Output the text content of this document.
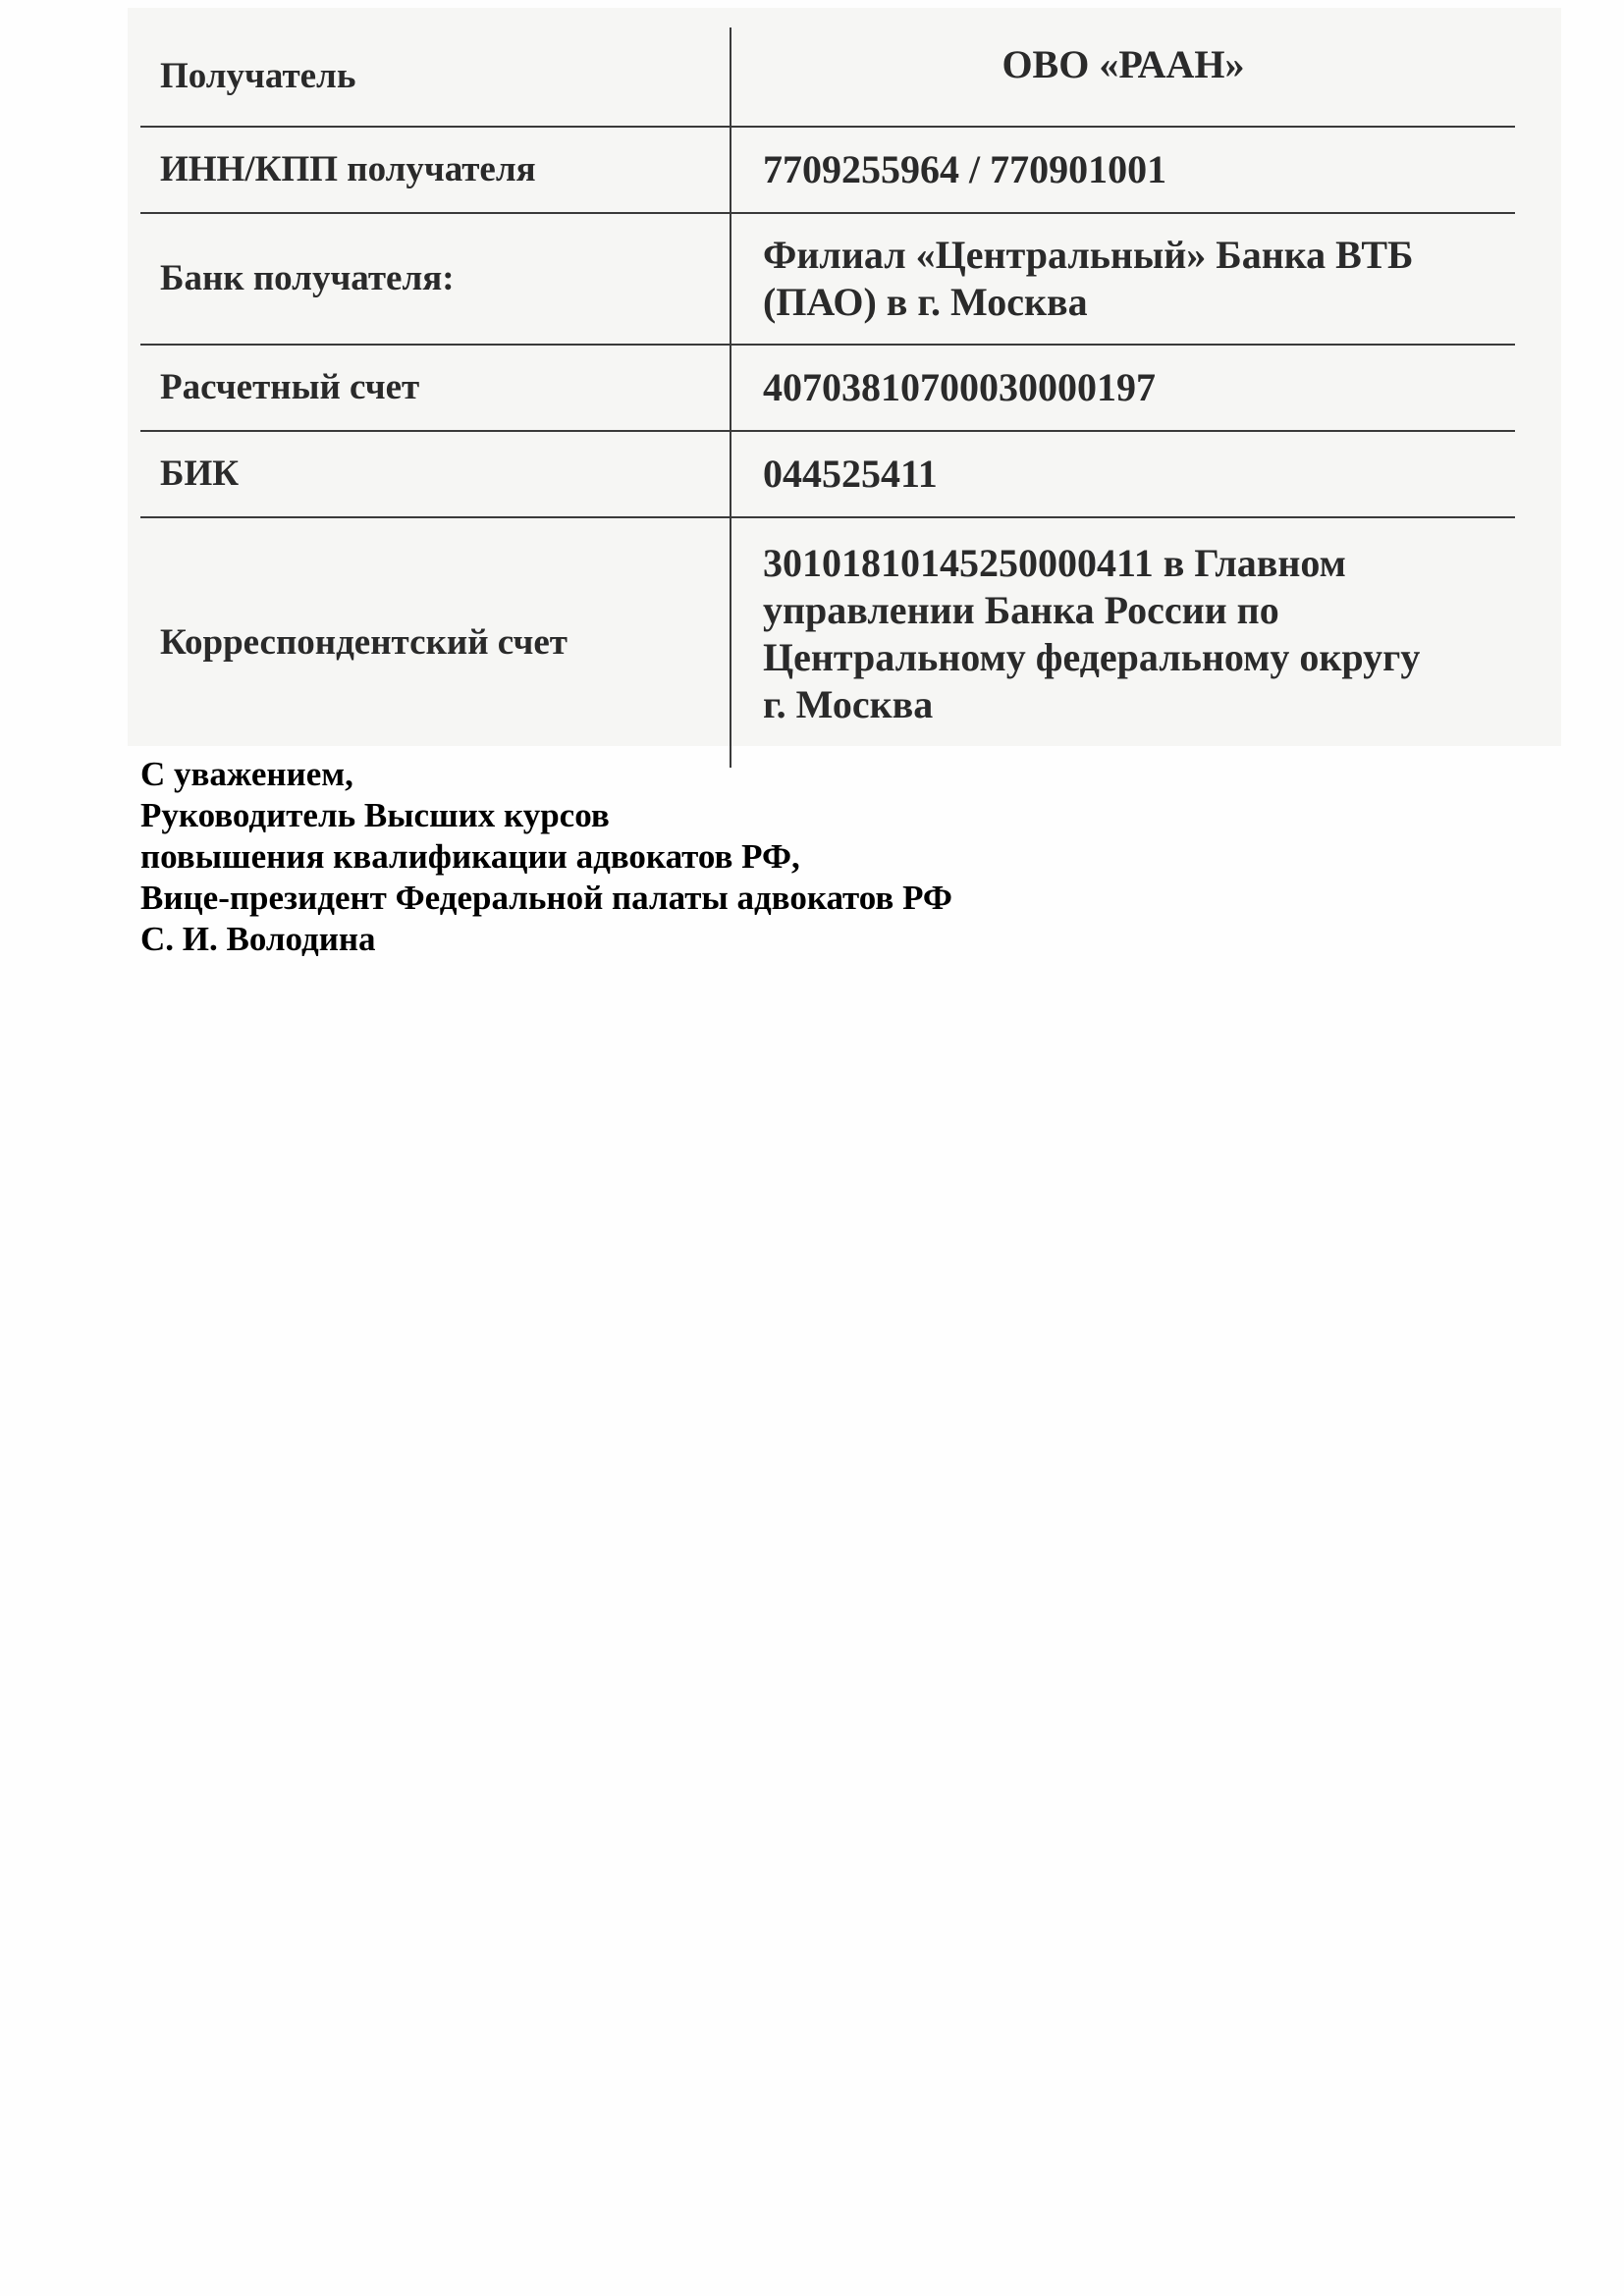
Получатель	ОВО «РААН»
ИНН/КПП получателя	7709255964 / 770901001
Банк получателя:	Филиал «Центральный» Банка ВТБ
(ПАО) в г. Москва

Расчетный счет	40703810700030000197
БИК	044525411
Корреспондентский счет	30101810145250000411 в Главном
управлении Банка России по
Центральному федеральному округу
г. Москва
С уважением,
Руководитель Высших курсов
повышения квалификации адвокатов РФ,
Вице-президент Федеральной палаты адвокатов РФ
С. И. Володина
